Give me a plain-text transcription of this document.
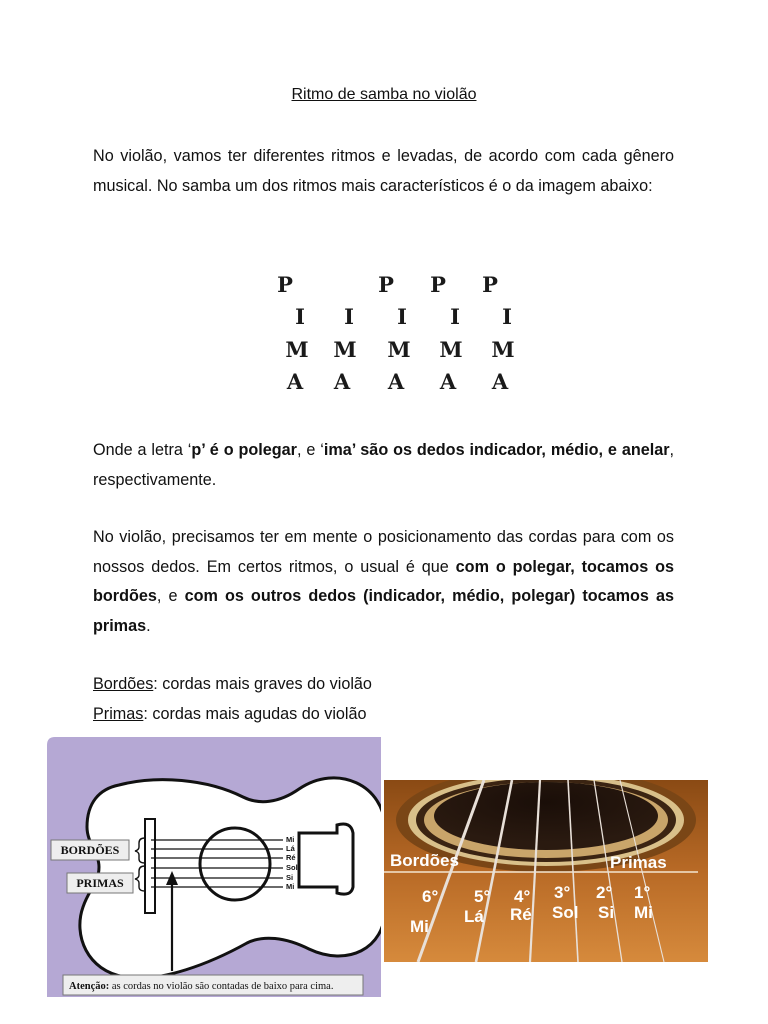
Ritmo de samba no violão

No violão, vamos ter diferentes ritmos e levadas, de acordo com cada gênero musical. No samba um dos ritmos mais característicos é o da imagem abaixo:

P	P P P
I I I I I
M M M M M
A A A A A

Onde a letra ‘p’ é o polegar, e ‘ima’ são os dedos indicador, médio, e anelar, respectivamente.

No violão, precisamos ter em mente o posicionamento das cordas para com os nossos dedos. Em certos ritmos, o usual é que com o polegar, tocamos os bordões, e com os outros dedos (indicador, médio, polegar) tocamos as primas.

Bordões: cordas mais graves do violão
Primas: cordas mais agudas do violão

Mi
Lá
Ré
Sol
Si
Mi
BORDÕES
PRIMAS
Atenção: as cordas no violão são contadas de baixo para cima.
Bordões	Primas
6° 5° 4° 3° 2° 1°
Mi
Lá Ré Sol Si Mi
